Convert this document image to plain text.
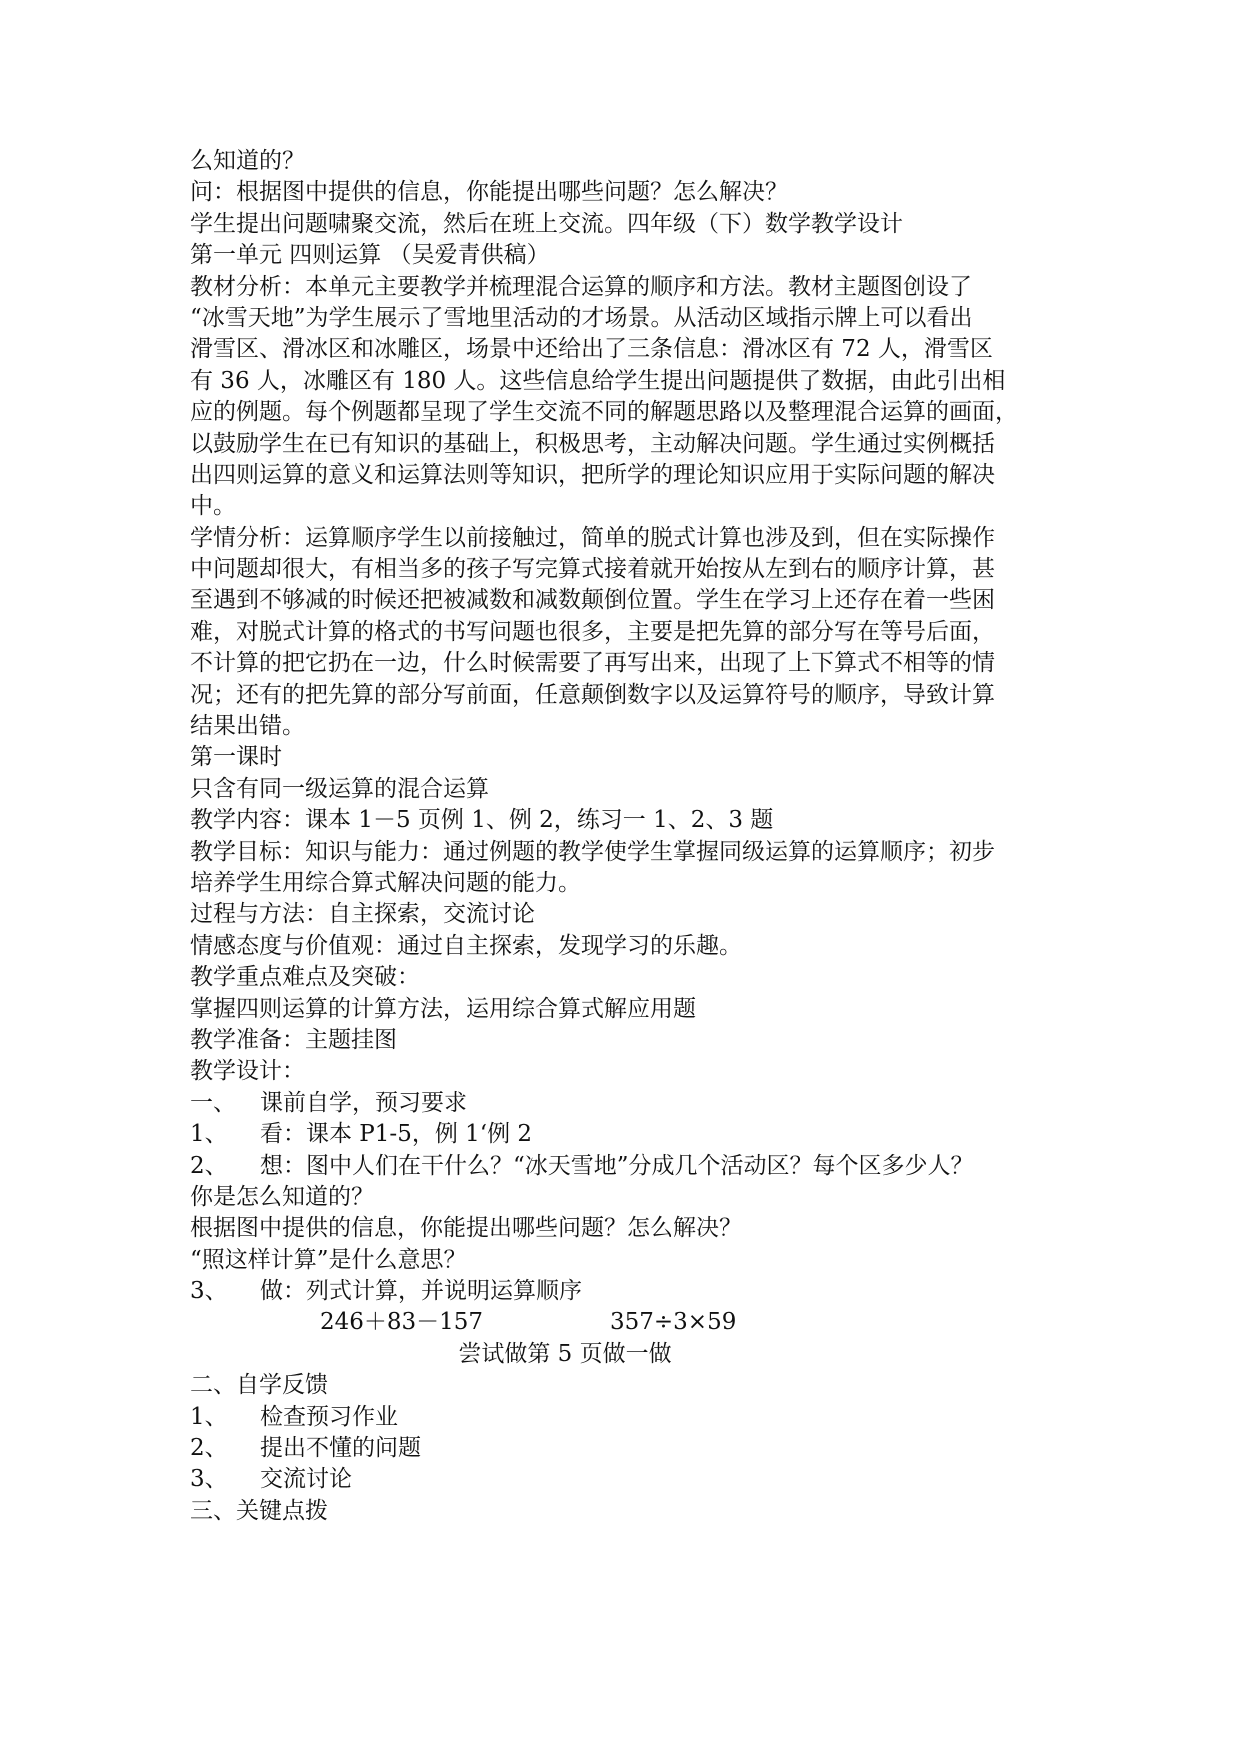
么知道的？
问：根据图中提供的信息，你能提出哪些问题？怎么解决？
学生提出问题啸聚交流，然后在班上交流。四年级（下）数学教学设计
第一单元 四则运算 （吴爱青供稿）
教材分析：本单元主要教学并梳理混合运算的顺序和方法。教材主题图创设了
“冰雪天地”为学生展示了雪地里活动的才场景。从活动区域指示牌上可以看出
滑雪区、滑冰区和冰雕区，场景中还给出了三条信息：滑冰区有 72 人，滑雪区
有 36 人，冰雕区有 180 人。这些信息给学生提出问题提供了数据，由此引出相
应的例题。每个例题都呈现了学生交流不同的解题思路以及整理混合运算的画面，
以鼓励学生在已有知识的基础上，积极思考，主动解决问题。学生通过实例概括
出四则运算的意义和运算法则等知识，把所学的理论知识应用于实际问题的解决
中。
学情分析：运算顺序学生以前接触过，简单的脱式计算也涉及到，但在实际操作
中问题却很大，有相当多的孩子写完算式接着就开始按从左到右的顺序计算，甚
至遇到不够减的时候还把被减数和减数颠倒位置。学生在学习上还存在着一些困
难，对脱式计算的格式的书写问题也很多，主要是把先算的部分写在等号后面，
不计算的把它扔在一边，什么时候需要了再写出来，出现了上下算式不相等的情
况；还有的把先算的部分写前面，任意颠倒数字以及运算符号的顺序，导致计算
结果出错。
第一课时
只含有同一级运算的混合运算
教学内容：课本 1－5 页例 1、例 2，练习一 1、2、3 题
教学目标：知识与能力：通过例题的教学使学生掌握同级运算的运算顺序；初步
培养学生用综合算式解决问题的能力。
过程与方法：自主探索，交流讨论
情感态度与价值观：通过自主探索，发现学习的乐趣。
教学重点难点及突破：
掌握四则运算的计算方法，运用综合算式解应用题
教学准备：主题挂图
教学设计：
一、 课前自学，预习要求
1、 看：课本 P1-5，例 1‘例 2
2、 想：图中人们在干什么？“冰天雪地”分成几个活动区？每个区多少人？
你是怎么知道的？
根据图中提供的信息，你能提出哪些问题？怎么解决？
“照这样计算”是什么意思？
3、 做：列式计算，并说明运算顺序
246＋83－157	357÷3×59
尝试做第 5 页做一做
二、自学反馈
1、 检查预习作业
2、 提出不懂的问题
3、 交流讨论
三、关键点拨
